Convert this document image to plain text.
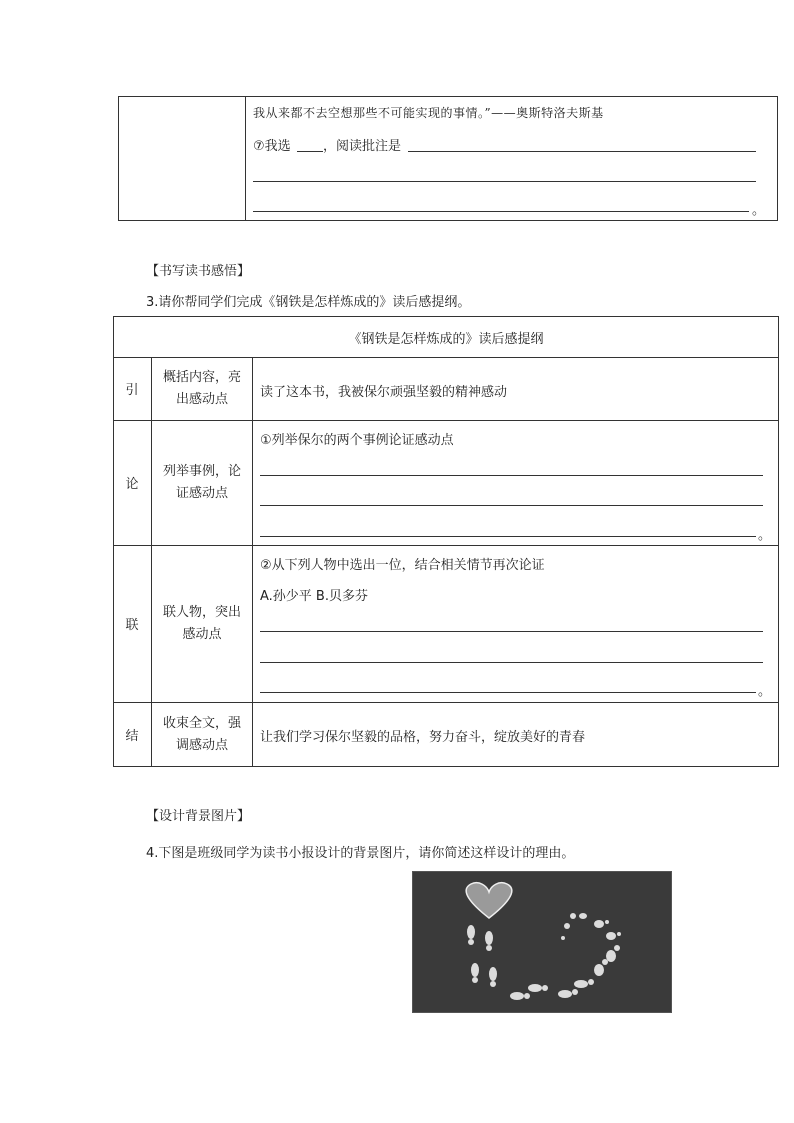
我从来都不去空想那些不可能实现的事情。”——奥斯特洛夫斯基
⑦我选 ，阅读批注是
。
【书写读书感悟】
3.请你帮同学们完成《钢铁是怎样炼成的》读后感提纲。
《钢铁是怎样炼成的》读后感提纲
引
概括内容，亮出感动点	读了这本书，我被保尔顽强坚毅的精神感动
论
列举事例，论证感动点
①列举保尔的两个事例论证感动点
。
联
联人物，突出感动点
②从下列人物中选出一位，结合相关情节再次论证
A.孙少平 B.贝多芬
。
结
收束全文，强调感动点	让我们学习保尔坚毅的品格，努力奋斗，绽放美好的青春
【设计背景图片】
4.下图是班级同学为读书小报设计的背景图片，请你简述这样设计的理由。
